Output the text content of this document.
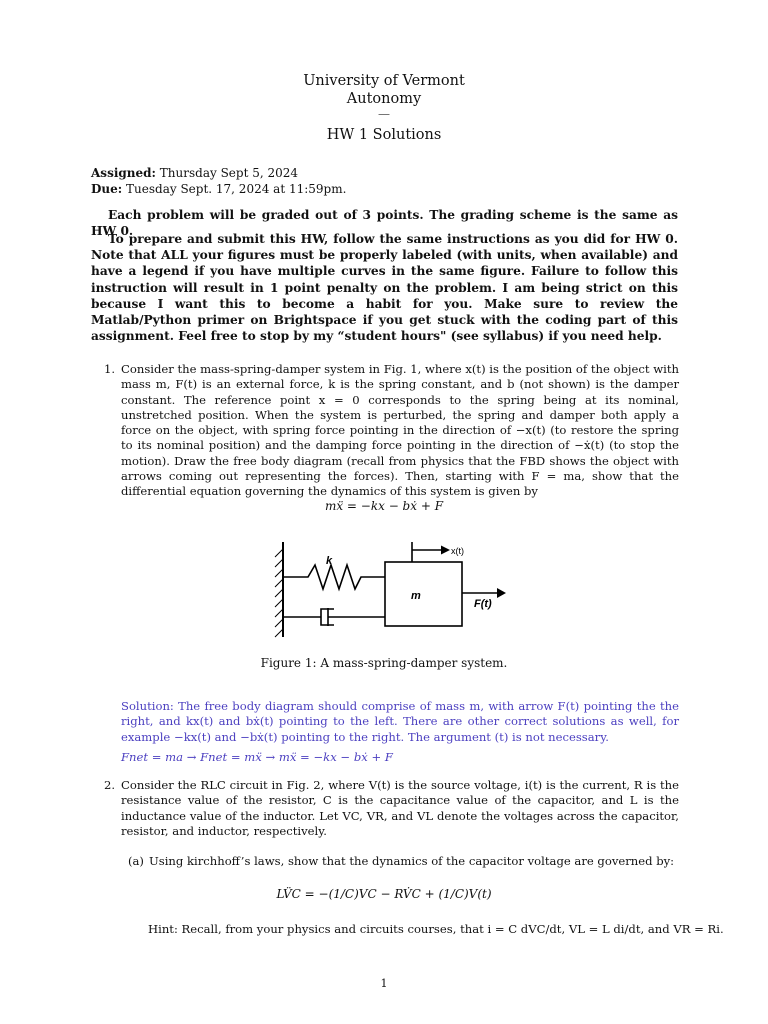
University of Vermont
Autonomy
—
HW 1 Solutions
Assigned: Thursday Sept 5, 2024
Due: Tuesday Sept. 17, 2024 at 11:59pm.
Each problem will be graded out of 3 points. The grading scheme is the same as HW 0.
To prepare and submit this HW, follow the same instructions as you did for HW 0. Note that ALL your figures must be properly labeled (with units, when available) and have a legend if you have multiple curves in the same figure. Failure to follow this instruction will result in 1 point penalty on the problem. I am being strict on this because I want this to become a habit for you. Make sure to review the Matlab/Python primer on Brightspace if you get stuck with the coding part of this assignment. Feel free to stop by my “student hours" (see syllabus) if you need help.
1. Consider the mass-spring-damper system in Fig. 1, where x(t) is the position of the object with mass m, F(t) is an external force, k is the spring constant, and b (not shown) is the damper constant. The reference point x = 0 corresponds to the spring being at its nominal, unstretched position. When the system is perturbed, the spring and damper both apply a force on the object, with spring force pointing in the direction of −x(t) (to restore the spring to its nominal position) and the damping force pointing in the direction of −ẋ(t) (to stop the motion). Draw the free body diagram (recall from physics that the FBD shows the object with arrows coming out representing the forces). Then, starting with F = ma, show that the differential equation governing the dynamics of this system is given by
mẍ = −kx − bẋ + F
k
m
x(t)
F(t)
Figure 1: A mass-spring-damper system.
Solution: The free body diagram should comprise of mass m, with arrow F(t) pointing the the right, and kx(t) and bẋ(t) pointing to the left. There are other correct solutions as well, for example −kx(t) and −bẋ(t) pointing to the right. The argument (t) is not necessary.
Fnet = ma → Fnet = mẍ → mẍ = −kx − bẋ + F
2. Consider the RLC circuit in Fig. 2, where V(t) is the source voltage, i(t) is the current, R is the resistance value of the resistor, C is the capacitance value of the capacitor, and L is the inductance value of the inductor. Let VC, VR, and VL denote the voltages across the capacitor, resistor, and inductor, respectively.
(a) Using kirchhoff’s laws, show that the dynamics of the capacitor voltage are governed by:
LV̈C = −(1/C)VC − RV̇C + (1/C)V(t)
Hint: Recall, from your physics and circuits courses, that i = C dVC/dt, VL = L di/dt, and VR = Ri.
1
